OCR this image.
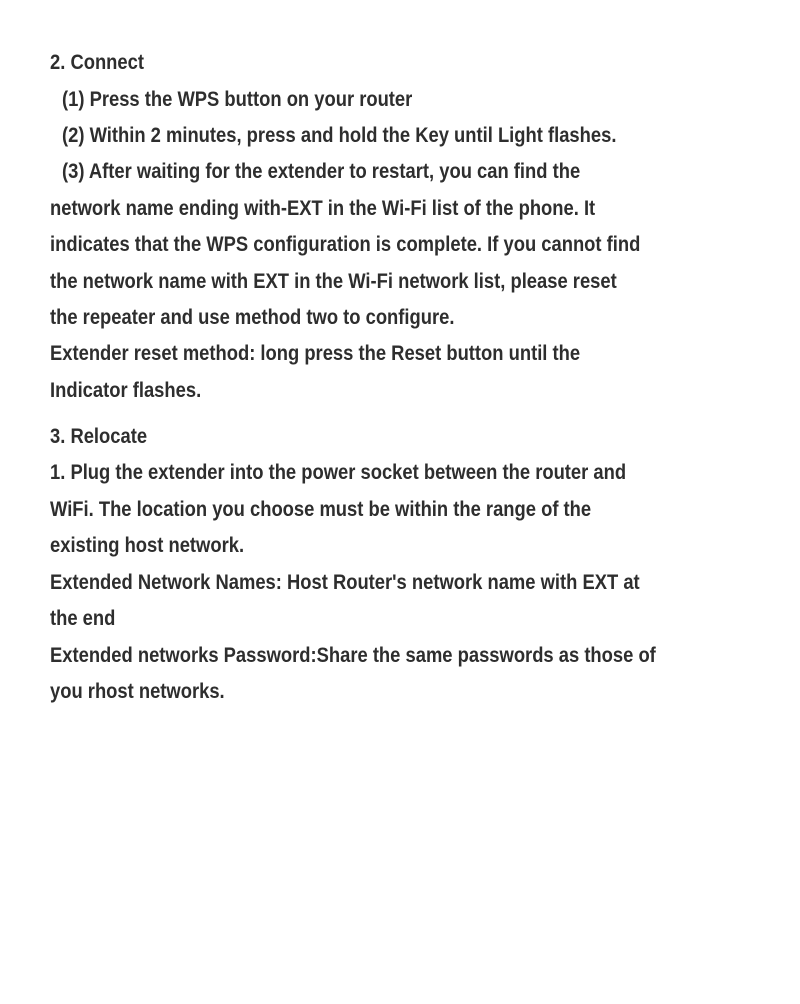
2. Connect
(1) Press the WPS button on your router
(2) Within 2 minutes, press and hold the Key until Light flashes.
(3) After waiting for the extender to restart, you can find the
network name ending with-EXT in the Wi-Fi list of the phone. It
indicates that the WPS configuration is complete. If you cannot find
the network name with EXT in the Wi-Fi network list, please reset
the repeater and use method two to configure.
Extender reset method: long press the Reset button until the
Indicator flashes.
3. Relocate
1. Plug the extender into the power socket between the router and
WiFi. The location you choose must be within the range of the
existing host network.
Extended Network Names: Host Router's network name with EXT at
the end
Extended networks Password:Share the same passwords as those of
you rhost networks.
